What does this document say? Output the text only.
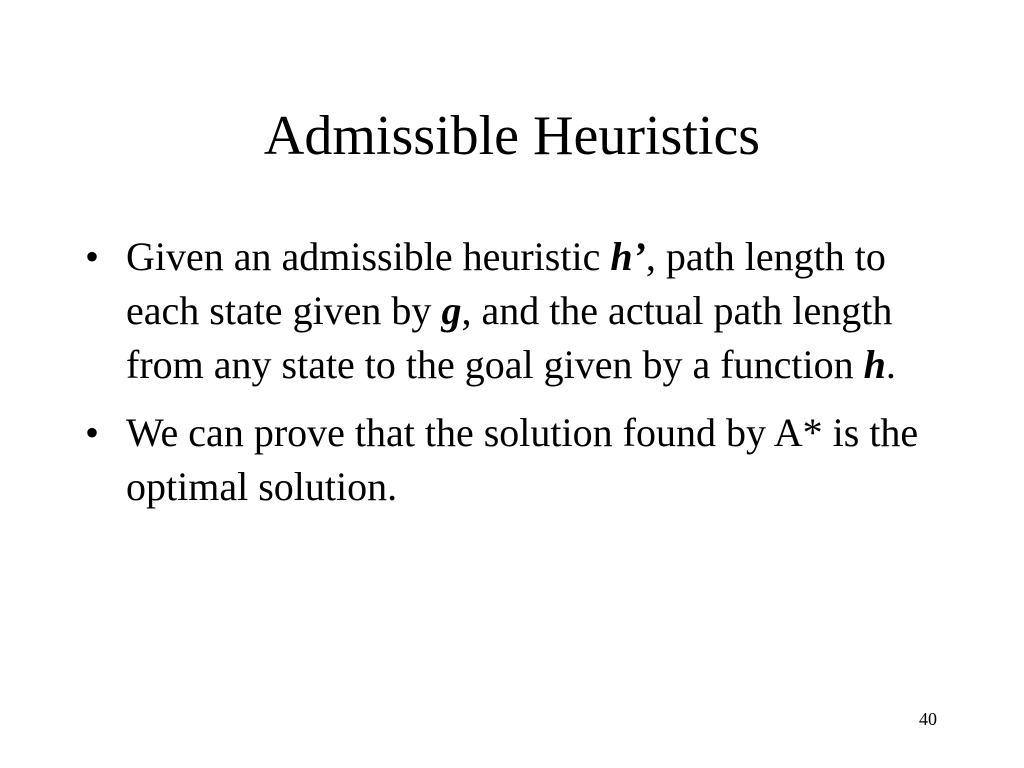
Admissible Heuristics
• Given an admissible heuristic h’, path length to each state given by g, and the actual path length from any state to the goal given by a function h.
• We can prove that the solution found by A* is the optimal solution.
40
